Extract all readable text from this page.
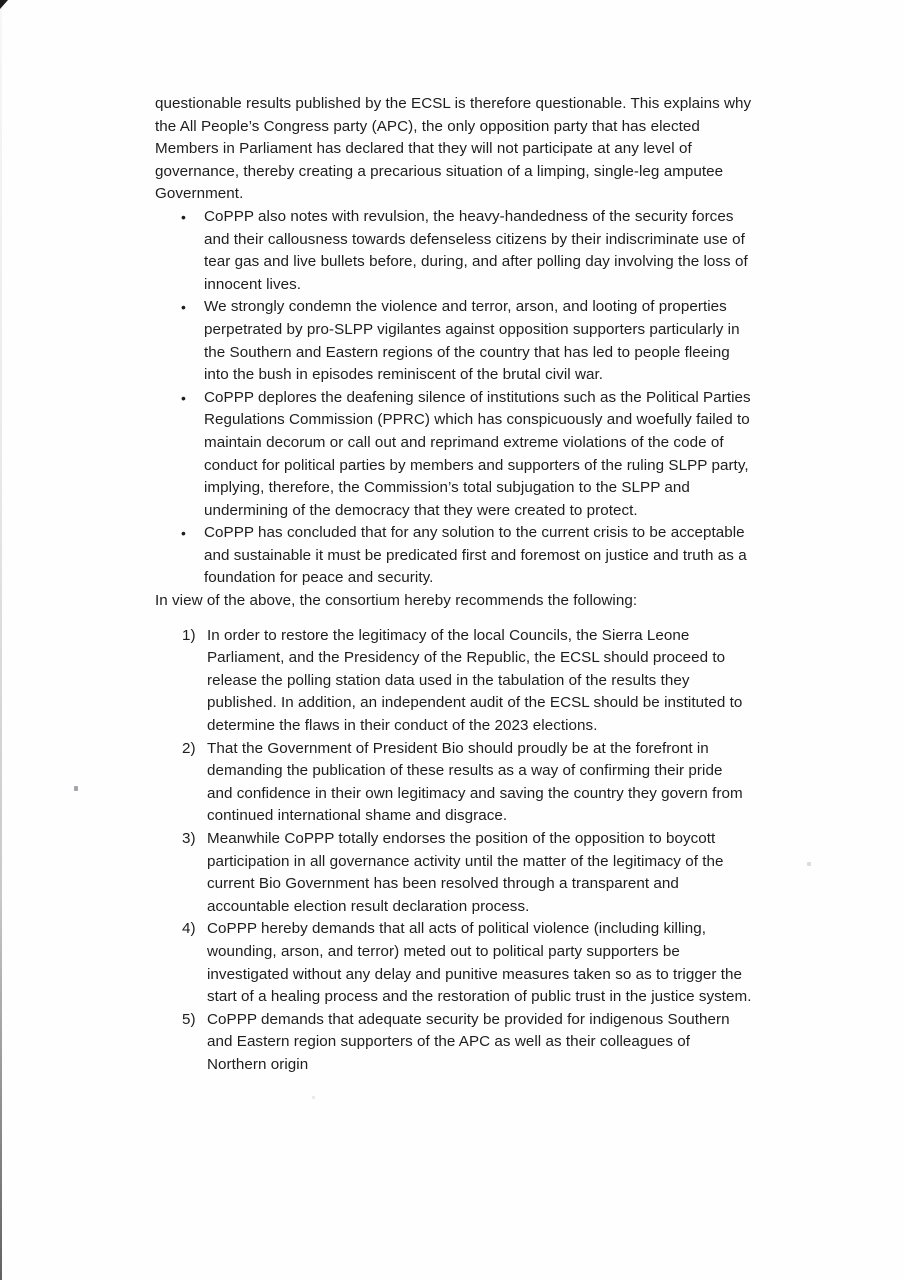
questionable results published by the ECSL is therefore questionable. This explains why the All People’s Congress party (APC), the only opposition party that has elected Members in Parliament has declared that they will not participate at any level of governance, thereby creating a precarious situation of a limping, single-leg amputee Government.

• CoPPP also notes with revulsion, the heavy-handedness of the security forces and their callousness towards defenseless citizens by their indiscriminate use of tear gas and live bullets before, during, and after polling day involving the loss of innocent lives.
• We strongly condemn the violence and terror, arson, and looting of properties perpetrated by pro-SLPP vigilantes against opposition supporters particularly in the Southern and Eastern regions of the country that has led to people fleeing into the bush in episodes reminiscent of the brutal civil war.
• CoPPP deplores the deafening silence of institutions such as the Political Parties Regulations Commission (PPRC) which has conspicuously and woefully failed to maintain decorum or call out and reprimand extreme violations of the code of conduct for political parties by members and supporters of the ruling SLPP party, implying, therefore, the Commission’s total subjugation to the SLPP and undermining of the democracy that they were created to protect.
• CoPPP has concluded that for any solution to the current crisis to be acceptable and sustainable it must be predicated first and foremost on justice and truth as a foundation for peace and security.

In view of the above, the consortium hereby recommends the following:

1) In order to restore the legitimacy of the local Councils, the Sierra Leone Parliament, and the Presidency of the Republic, the ECSL should proceed to release the polling station data used in the tabulation of the results they published. In addition, an independent audit of the ECSL should be instituted to determine the flaws in their conduct of the 2023 elections.
2) That the Government of President Bio should proudly be at the forefront in demanding the publication of these results as a way of confirming their pride and confidence in their own legitimacy and saving the country they govern from continued international shame and disgrace.
3) Meanwhile CoPPP totally endorses the position of the opposition to boycott participation in all governance activity until the matter of the legitimacy of the current Bio Government has been resolved through a transparent and accountable election result declaration process.
4) CoPPP hereby demands that all acts of political violence (including killing, wounding, arson, and terror) meted out to political party supporters be investigated without any delay and punitive measures taken so as to trigger the start of a healing process and the restoration of public trust in the justice system.
5) CoPPP demands that adequate security be provided for indigenous Southern and Eastern region supporters of the APC as well as their colleagues of Northern origin
